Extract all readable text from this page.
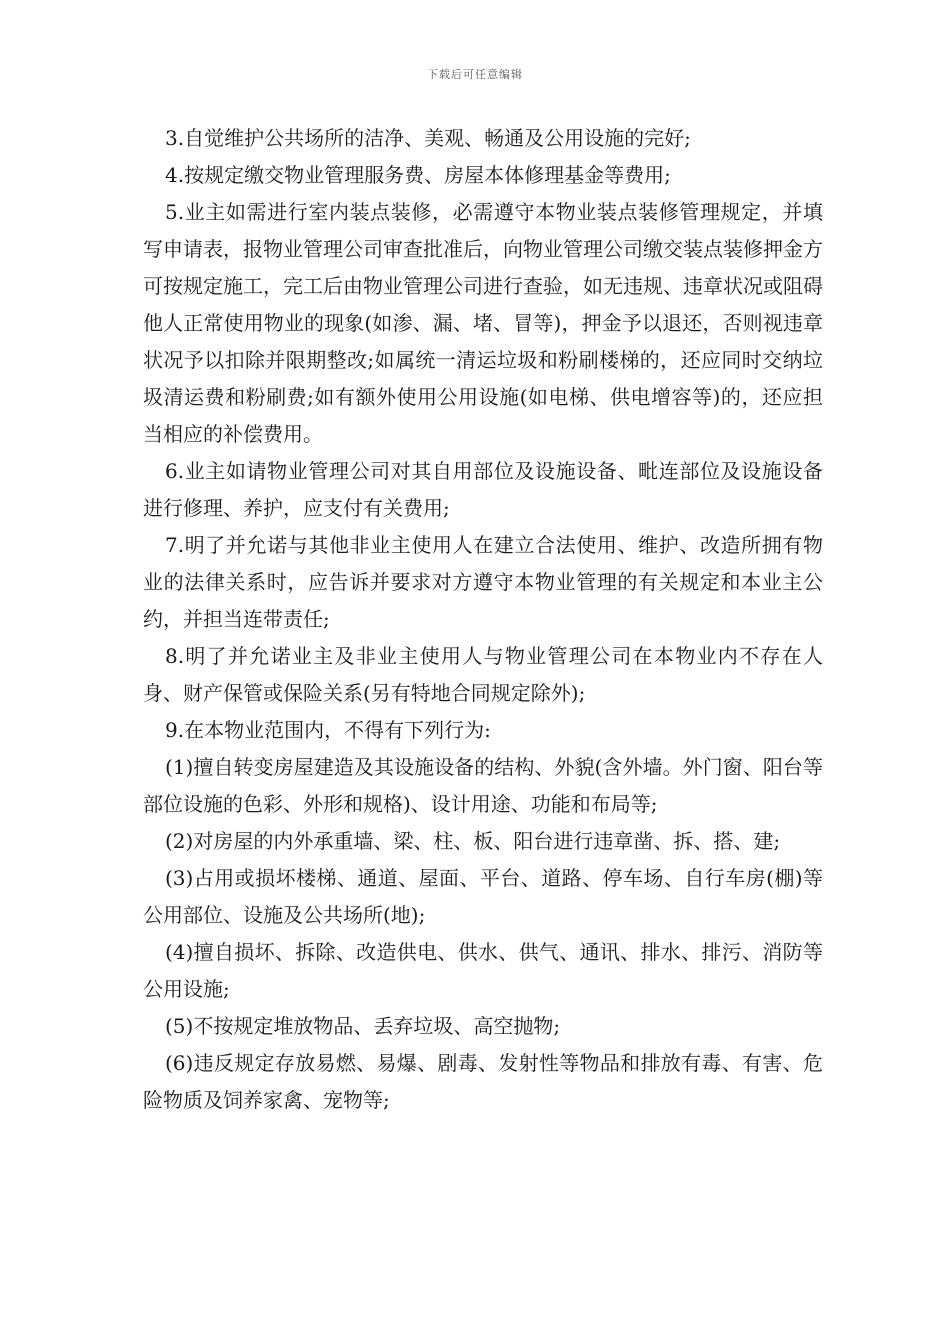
下载后可任意编辑

3.自觉维护公共场所的洁净、美观、畅通及公用设施的完好;

4.按规定缴交物业管理服务费、房屋本体修理基金等费用;

5.业主如需进行室内装点装修，必需遵守本物业装点装修管理规定，并填写申请表，报物业管理公司审查批准后，向物业管理公司缴交装点装修押金方可按规定施工，完工后由物业管理公司进行查验，如无违规、违章状况或阻碍他人正常使用物业的现象(如渗、漏、堵、冒等)，押金予以退还，否则视违章状况予以扣除并限期整改;如属统一清运垃圾和粉刷楼梯的，还应同时交纳垃圾清运费和粉刷费;如有额外使用公用设施(如电梯、供电增容等)的，还应担当相应的补偿费用。

6.业主如请物业管理公司对其自用部位及设施设备、毗连部位及设施设备进行修理、养护，应支付有关费用;

7.明了并允诺与其他非业主使用人在建立合法使用、维护、改造所拥有物业的法律关系时，应告诉并要求对方遵守本物业管理的有关规定和本业主公约，并担当连带责任;

8.明了并允诺业主及非业主使用人与物业管理公司在本物业内不存在人身、财产保管或保险关系(另有特地合同规定除外);

9.在本物业范围内，不得有下列行为:

(1)擅自转变房屋建造及其设施设备的结构、外貌(含外墙。外门窗、阳台等部位设施的色彩、外形和规格)、设计用途、功能和布局等;

(2)对房屋的内外承重墙、梁、柱、板、阳台进行违章凿、拆、搭、建;

(3)占用或损坏楼梯、通道、屋面、平台、道路、停车场、自行车房(棚)等公用部位、设施及公共场所(地);

(4)擅自损坏、拆除、改造供电、供水、供气、通讯、排水、排污、消防等公用设施;

(5)不按规定堆放物品、丢弃垃圾、高空抛物;

(6)违反规定存放易燃、易爆、剧毒、发射性等物品和排放有毒、有害、危险物质及饲养家禽、宠物等;
